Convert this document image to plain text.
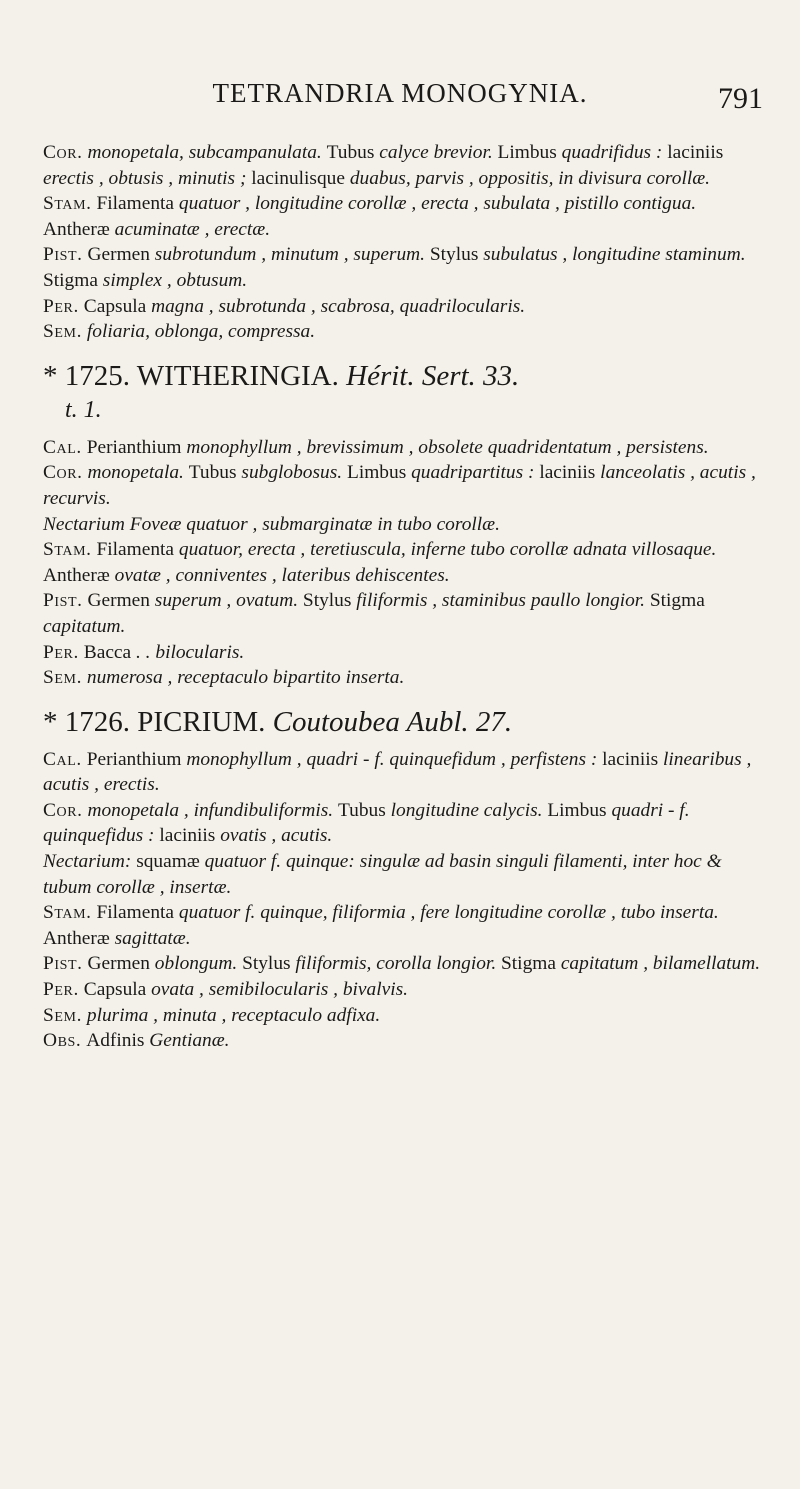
TETRANDRIA MONOGYNIA.	791

Cor. monopetala, subcampanulata. Tubus calyce brevior. Limbus quadrifidus : laciniis erectis , obtusis , minutis ; lacinulisque duabus, parvis , oppositis, in divisura corollæ.

Stam. Filamenta quatuor , longitudine corollæ , erecta , subulata , pistillo contigua. Antheræ acuminatæ , erectæ.

Pist. Germen subrotundum , minutum , superum. Stylus subulatus , longitudine staminum. Stigma simplex , obtusum.

Per. Capsula magna , subrotunda , scabrosa, quadrilocularis.

Sem. foliaria, oblonga, compressa.

* 1725. WITHERINGIA. Hérit. Sert. 33.
t. 1.

Cal. Perianthium monophyllum , brevissimum , obsolete quadridentatum , persistens.

Cor. monopetala. Tubus subglobosus. Limbus quadripartitus : laciniis lanceolatis , acutis , recurvis.

Nectarium Foveæ quatuor , submarginatæ in tubo corollæ.

Stam. Filamenta quatuor, erecta , teretiuscula, inferne tubo corollæ adnata villosaque. Antheræ ovatæ , conniventes , lateribus dehiscentes.

Pist. Germen superum , ovatum. Stylus filiformis , staminibus paullo longior. Stigma capitatum.

Per. Bacca . . bilocularis.

Sem. numerosa , receptaculo bipartito inserta.

* 1726. PICRIUM. Coutoubea Aubl. 27.

Cal. Perianthium monophyllum , quadri - f. quinquefidum , perfistens : laciniis linearibus , acutis , erectis.

Cor. monopetala , infundibuliformis. Tubus longitudine calycis. Limbus quadri - f. quinquefidus : laciniis ovatis , acutis.

Nectarium: squamæ quatuor f. quinque: singulæ ad basin singuli filamenti, inter hoc & tubum corollæ , insertæ.

Stam. Filamenta quatuor f. quinque, filiformia , fere longitudine corollæ , tubo inserta. Antheræ sagittatæ.

Pist. Germen oblongum. Stylus filiformis, corolla longior. Stigma capitatum , bilamellatum.

Per. Capsula ovata , semibilocularis , bivalvis.

Sem. plurima , minuta , receptaculo adfixa.

Obs. Adfinis Gentianæ.
